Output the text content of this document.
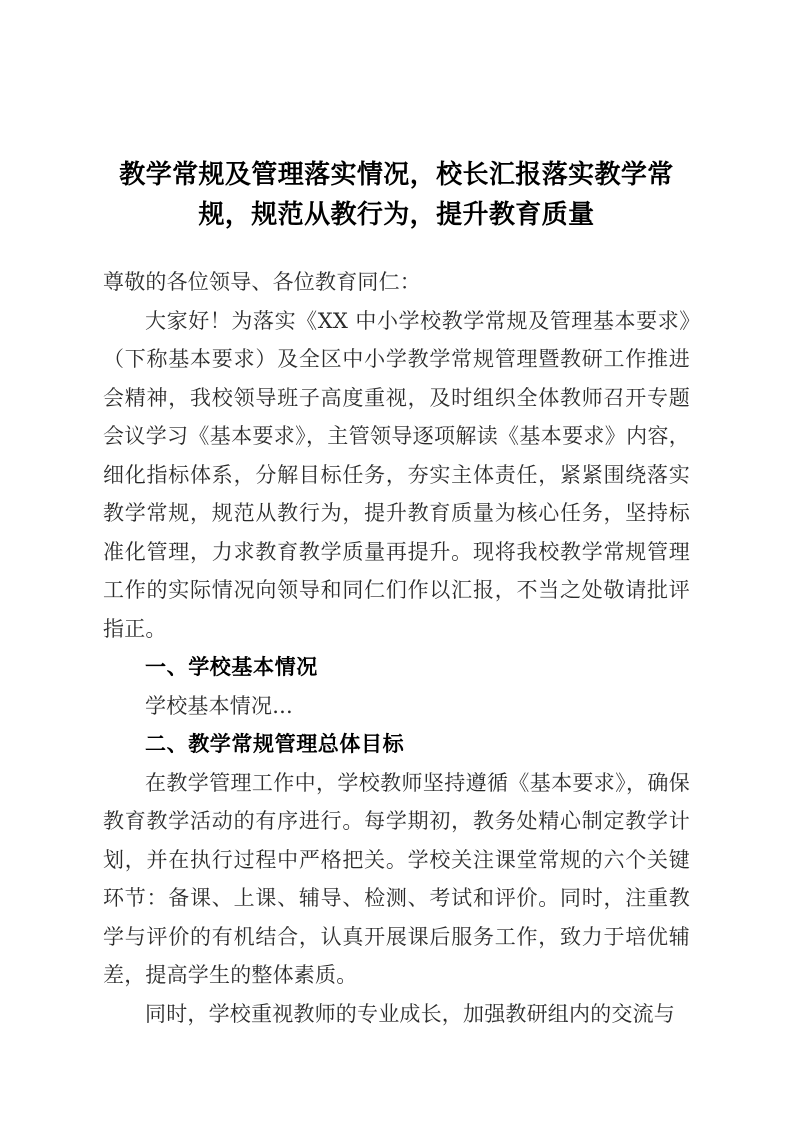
教学常规及管理落实情况，校长汇报落实教学常规，规范从教行为，提升教育质量

尊敬的各位领导、各位教育同仁：

大家好！为落实《XX 中小学校教学常规及管理基本要求》（下称基本要求）及全区中小学教学常规管理暨教研工作推进会精神，我校领导班子高度重视，及时组织全体教师召开专题会议学习《基本要求》，主管领导逐项解读《基本要求》内容，细化指标体系，分解目标任务，夯实主体责任，紧紧围绕落实教学常规，规范从教行为，提升教育质量为核心任务，坚持标准化管理，力求教育教学质量再提升。现将我校教学常规管理工作的实际情况向领导和同仁们作以汇报，不当之处敬请批评指正。

一、学校基本情况

学校基本情况...

二、教学常规管理总体目标

在教学管理工作中，学校教师坚持遵循《基本要求》，确保教育教学活动的有序进行。每学期初，教务处精心制定教学计划，并在执行过程中严格把关。学校关注课堂常规的六个关键环节：备课、上课、辅导、检测、考试和评价。同时，注重教学与评价的有机结合，认真开展课后服务工作，致力于培优辅差，提高学生的整体素质。

同时，学校重视教师的专业成长，加强教研组内的交流与
